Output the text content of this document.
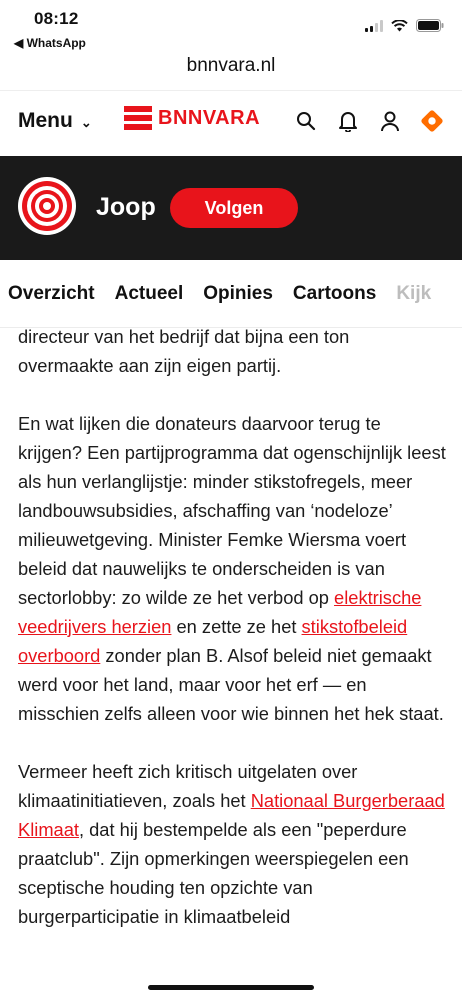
08:12
◀ WhatsApp
bnnvara.nl
Menu ⌄	BNNVARA
Joop	Volgen
Overzicht Actueel Opinies Cartoons Kijk

directeur van het bedrijf dat bijna een ton overmaakte aan zijn eigen partij.

En wat lijken die donateurs daarvoor terug te krijgen? Een partijprogramma dat ogenschijnlijk leest als hun verlanglijstje: minder stikstofregels, meer landbouwsubsidies, afschaffing van ‘nodeloze’ milieuwetgeving. Minister Femke Wiersma voert beleid dat nauwelijks te onderscheiden is van sectorlobby: zo wilde ze het verbod op elektrische veedrijvers herzien en zette ze het stikstofbeleid overboord zonder plan B. Alsof beleid niet gemaakt werd voor het land, maar voor het erf — en misschien zelfs alleen voor wie binnen het hek staat.

Vermeer heeft zich kritisch uitgelaten over klimaatinitiatieven, zoals het Nationaal Burgerberaad Klimaat, dat hij bestempelde als een "peperdure praatclub". Zijn opmerkingen weerspiegelen een sceptische houding ten opzichte van burgerparticipatie in klimaatbeleid
